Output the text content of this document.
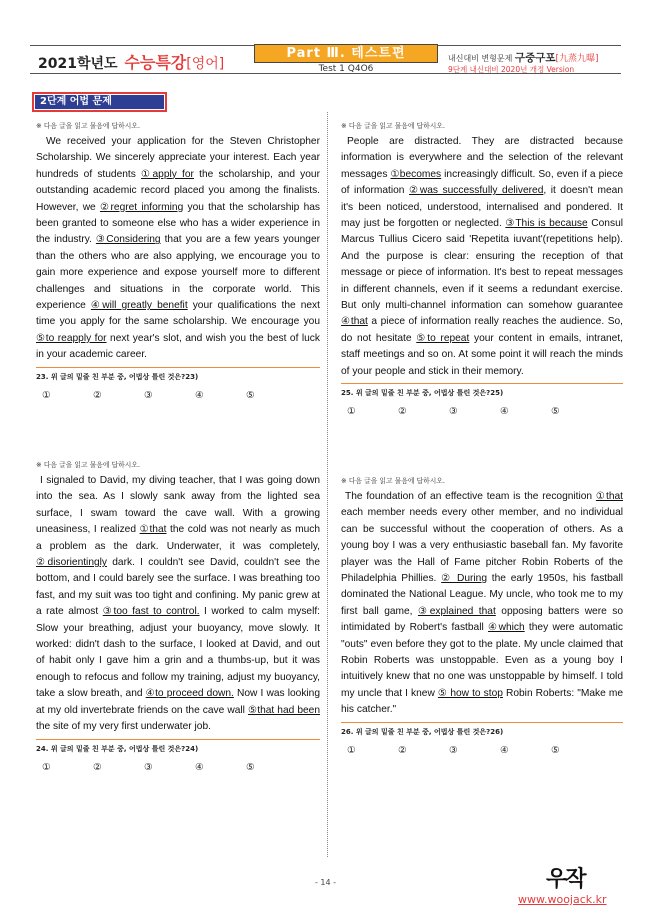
2021학년도 수능특강[영어]
Part Ⅲ. 테스트편
Test 1 Q4O6
내신대비 변형문제 구중구포[九蒸九曝]
9단계 내신대비 2020년 개정 Version
2단계 어법 문제
※ 다음 글을 읽고 물음에 답하시오.
We received your application for the Steven Christopher Scholarship. We sincerely appreciate your interest. Each year hundreds of students ①apply for the scholarship, and your outstanding academic record placed you among the finalists. However, we ②regret informing you that the scholarship has been granted to someone else who has a wider experience in the industry. ③Considering that you are a few years younger than the others who are also applying, we encourage you to gain more experience and expose yourself more to different challenges and situations in the corporate world. This experience ④will greatly benefit your qualifications the next time you apply for the same scholarship. We encourage you ⑤to reapply for next year's slot, and wish you the best of luck in your academic career.
23. 위 글의 밑줄 친 부분 중, 어법상 틀린 것은?23)
①	②	③	④	⑤
※ 다음 글을 읽고 물음에 답하시오.
I signaled to David, my diving teacher, that I was going down into the sea. As I slowly sank away from the lighted sea surface, I swam toward the cave wall. With a growing uneasiness, I realized ①that the cold was not nearly as much a problem as the dark. Underwater, it was completely, ②disorientingly dark. I couldn't see David, couldn't see the bottom, and I could barely see the surface. I was breathing too fast, and my suit was too tight and confining. My panic grew at a rate almost ③too fast to control. I worked to calm myself: Slow your breathing, adjust your buoyancy, move slowly. It worked: didn't dash to the surface, I looked at David, and out of habit only I gave him a grin and a thumbs-up, but it was enough to refocus and follow my training, adjust my buoyancy, take a slow breath, and ④to proceed down. Now I was looking at my old invertebrate friends on the cave wall ⑤that had been the site of my very first underwater job.
24. 위 글의 밑줄 친 부분 중, 어법상 틀린 것은?24)
①	②	③	④	⑤
※ 다음 글을 읽고 물음에 답하시오.
People are distracted. They are distracted because information is everywhere and the selection of the relevant messages ①becomes increasingly difficult. So, even if a piece of information ②was successfully delivered, it doesn't mean it's been noticed, understood, internalised and pondered. It may just be forgotten or neglected. ③This is because Consul Marcus Tullius Cicero said 'Repetita iuvant'(repetitions help). And the purpose is clear: ensuring the reception of that message or piece of information. It's best to repeat messages in different channels, even if it seems a redundant exercise. But only multi-channel information can somehow guarantee ④that a piece of information really reaches the audience. So, do not hesitate ⑤to repeat your content in emails, intranet, staff meetings and so on. At some point it will reach the minds of your people and stick in their memory.
25. 위 글의 밑줄 친 부분 중, 어법상 틀린 것은?25)
①	②	③	④	⑤
※ 다음 글을 읽고 물음에 답하시오.
The foundation of an effective team is the recognition ①that each member needs every other member, and no individual can be successful without the cooperation of others. As a young boy I was a very enthusiastic baseball fan. My favorite player was the Hall of Fame pitcher Robin Roberts of the Philadelphia Phillies. ② During the early 1950s, his fastball dominated the National League. My uncle, who took me to my first ball game, ③explained that opposing batters were so intimidated by Robert's fastball ④which they were automatic "outs" even before they got to the plate. My uncle claimed that Robin Roberts was unstoppable. Even as a young boy I intuitively knew that no one was unstoppable by himself. I told my uncle that I knew ⑤ how to stop Robin Roberts: "Make me his catcher."
26. 위 글의 밑줄 친 부분 중, 어법상 틀린 것은?26)
①	②	③	④	⑤
- 14 -	우작
www.woojack.kr
